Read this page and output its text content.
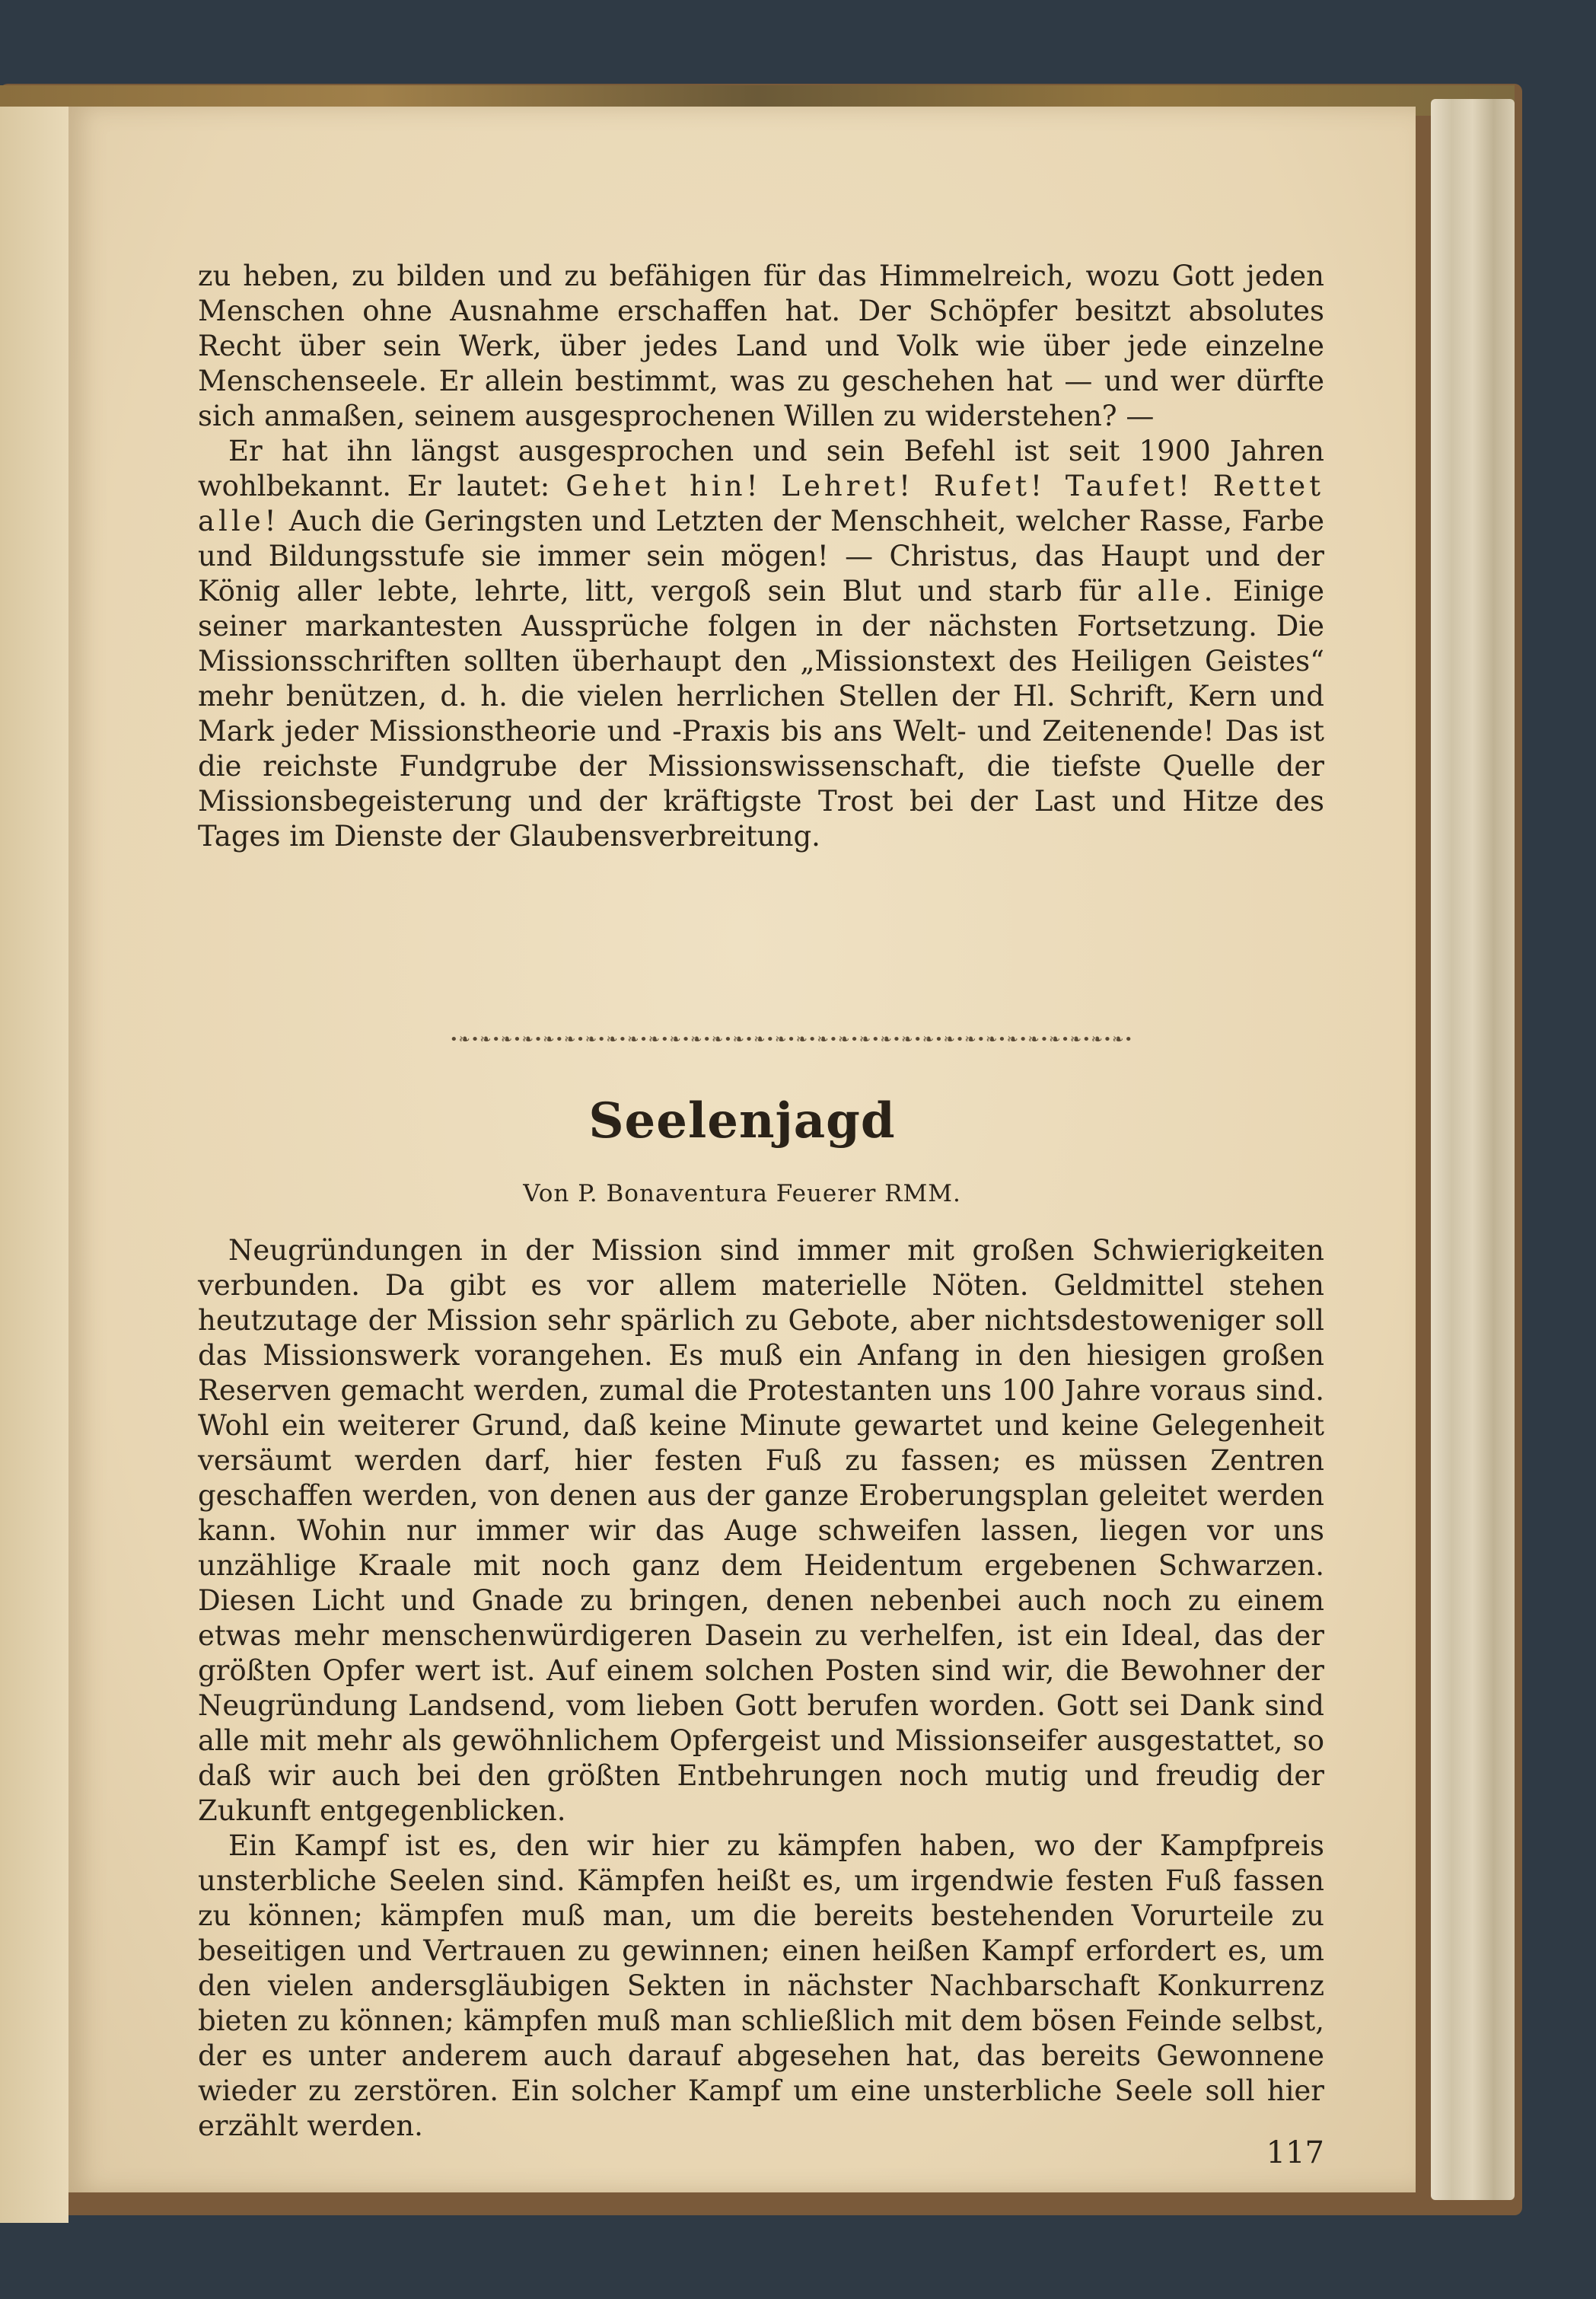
zu heben, zu bilden und zu befähigen für das Himmelreich, wozu Gott jeden Menschen ohne Ausnahme erschaffen hat. Der Schöpfer besitzt absolutes Recht über sein Werk, über jedes Land und Volk wie über jede einzelne Menschenseele. Er allein bestimmt, was zu geschehen hat — und wer dürfte sich anmaßen, seinem ausgesprochenen Willen zu widerstehen? —

Er hat ihn längst ausgesprochen und sein Befehl ist seit 1900 Jahren wohlbekannt. Er lautet: Gehet hin! Lehret! Rufet! Taufet! Rettet alle! Auch die Geringsten und Letzten der Menschheit, welcher Rasse, Farbe und Bildungsstufe sie immer sein mögen! — Christus, das Haupt und der König aller lebte, lehrte, litt, vergoß sein Blut und starb für alle. Einige seiner markantesten Aussprüche folgen in der nächsten Fortsetzung. Die Missionsschriften sollten überhaupt den „Missionstext des Heiligen Geistes“ mehr benützen, d. h. die vielen herrlichen Stellen der Hl. Schrift, Kern und Mark jeder Missionstheorie und -Praxis bis ans Welt- und Zeitenende! Das ist die reichste Fundgrube der Missionswissenschaft, die tiefste Quelle der Missionsbegeisterung und der kräftigste Trost bei der Last und Hitze des Tages im Dienste der Glaubensverbreitung.

•❧•❧•❧•❧•❧•❧•❧•❧•❧•❧•❧•❧•❧•❧•❧•❧•❧•❧•❧•❧•❧•❧•❧•❧•❧•❧•❧•❧•❧•❧•❧•❧•
Seelenjagd
Von P. Bonaventura Feuerer RMM.

Neugründungen in der Mission sind immer mit großen Schwierigkeiten verbunden. Da gibt es vor allem materielle Nöten. Geldmittel stehen heutzutage der Mission sehr spärlich zu Gebote, aber nichtsdestoweniger soll das Missionswerk vorangehen. Es muß ein Anfang in den hiesigen großen Reserven gemacht werden, zumal die Protestanten uns 100 Jahre voraus sind. Wohl ein weiterer Grund, daß keine Minute gewartet und keine Gelegenheit versäumt werden darf, hier festen Fuß zu fassen; es müssen Zentren geschaffen werden, von denen aus der ganze Eroberungsplan geleitet werden kann. Wohin nur immer wir das Auge schweifen lassen, liegen vor uns unzählige Kraale mit noch ganz dem Heidentum ergebenen Schwarzen. Diesen Licht und Gnade zu bringen, denen nebenbei auch noch zu einem etwas mehr menschenwürdigeren Dasein zu verhelfen, ist ein Ideal, das der größten Opfer wert ist. Auf einem solchen Posten sind wir, die Bewohner der Neugründung Landsend, vom lieben Gott berufen worden. Gott sei Dank sind alle mit mehr als gewöhnlichem Opfergeist und Missionseifer ausgestattet, so daß wir auch bei den größten Entbehrungen noch mutig und freudig der Zukunft entgegenblicken.

Ein Kampf ist es, den wir hier zu kämpfen haben, wo der Kampfpreis unsterbliche Seelen sind. Kämpfen heißt es, um irgendwie festen Fuß fassen zu können; kämpfen muß man, um die bereits bestehenden Vorurteile zu beseitigen und Vertrauen zu gewinnen; einen heißen Kampf erfordert es, um den vielen andersgläubigen Sekten in nächster Nachbarschaft Konkurrenz bieten zu können; kämpfen muß man schließlich mit dem bösen Feinde selbst, der es unter anderem auch darauf abgesehen hat, das bereits Gewonnene wieder zu zerstören. Ein solcher Kampf um eine unsterbliche Seele soll hier erzählt werden.

117
